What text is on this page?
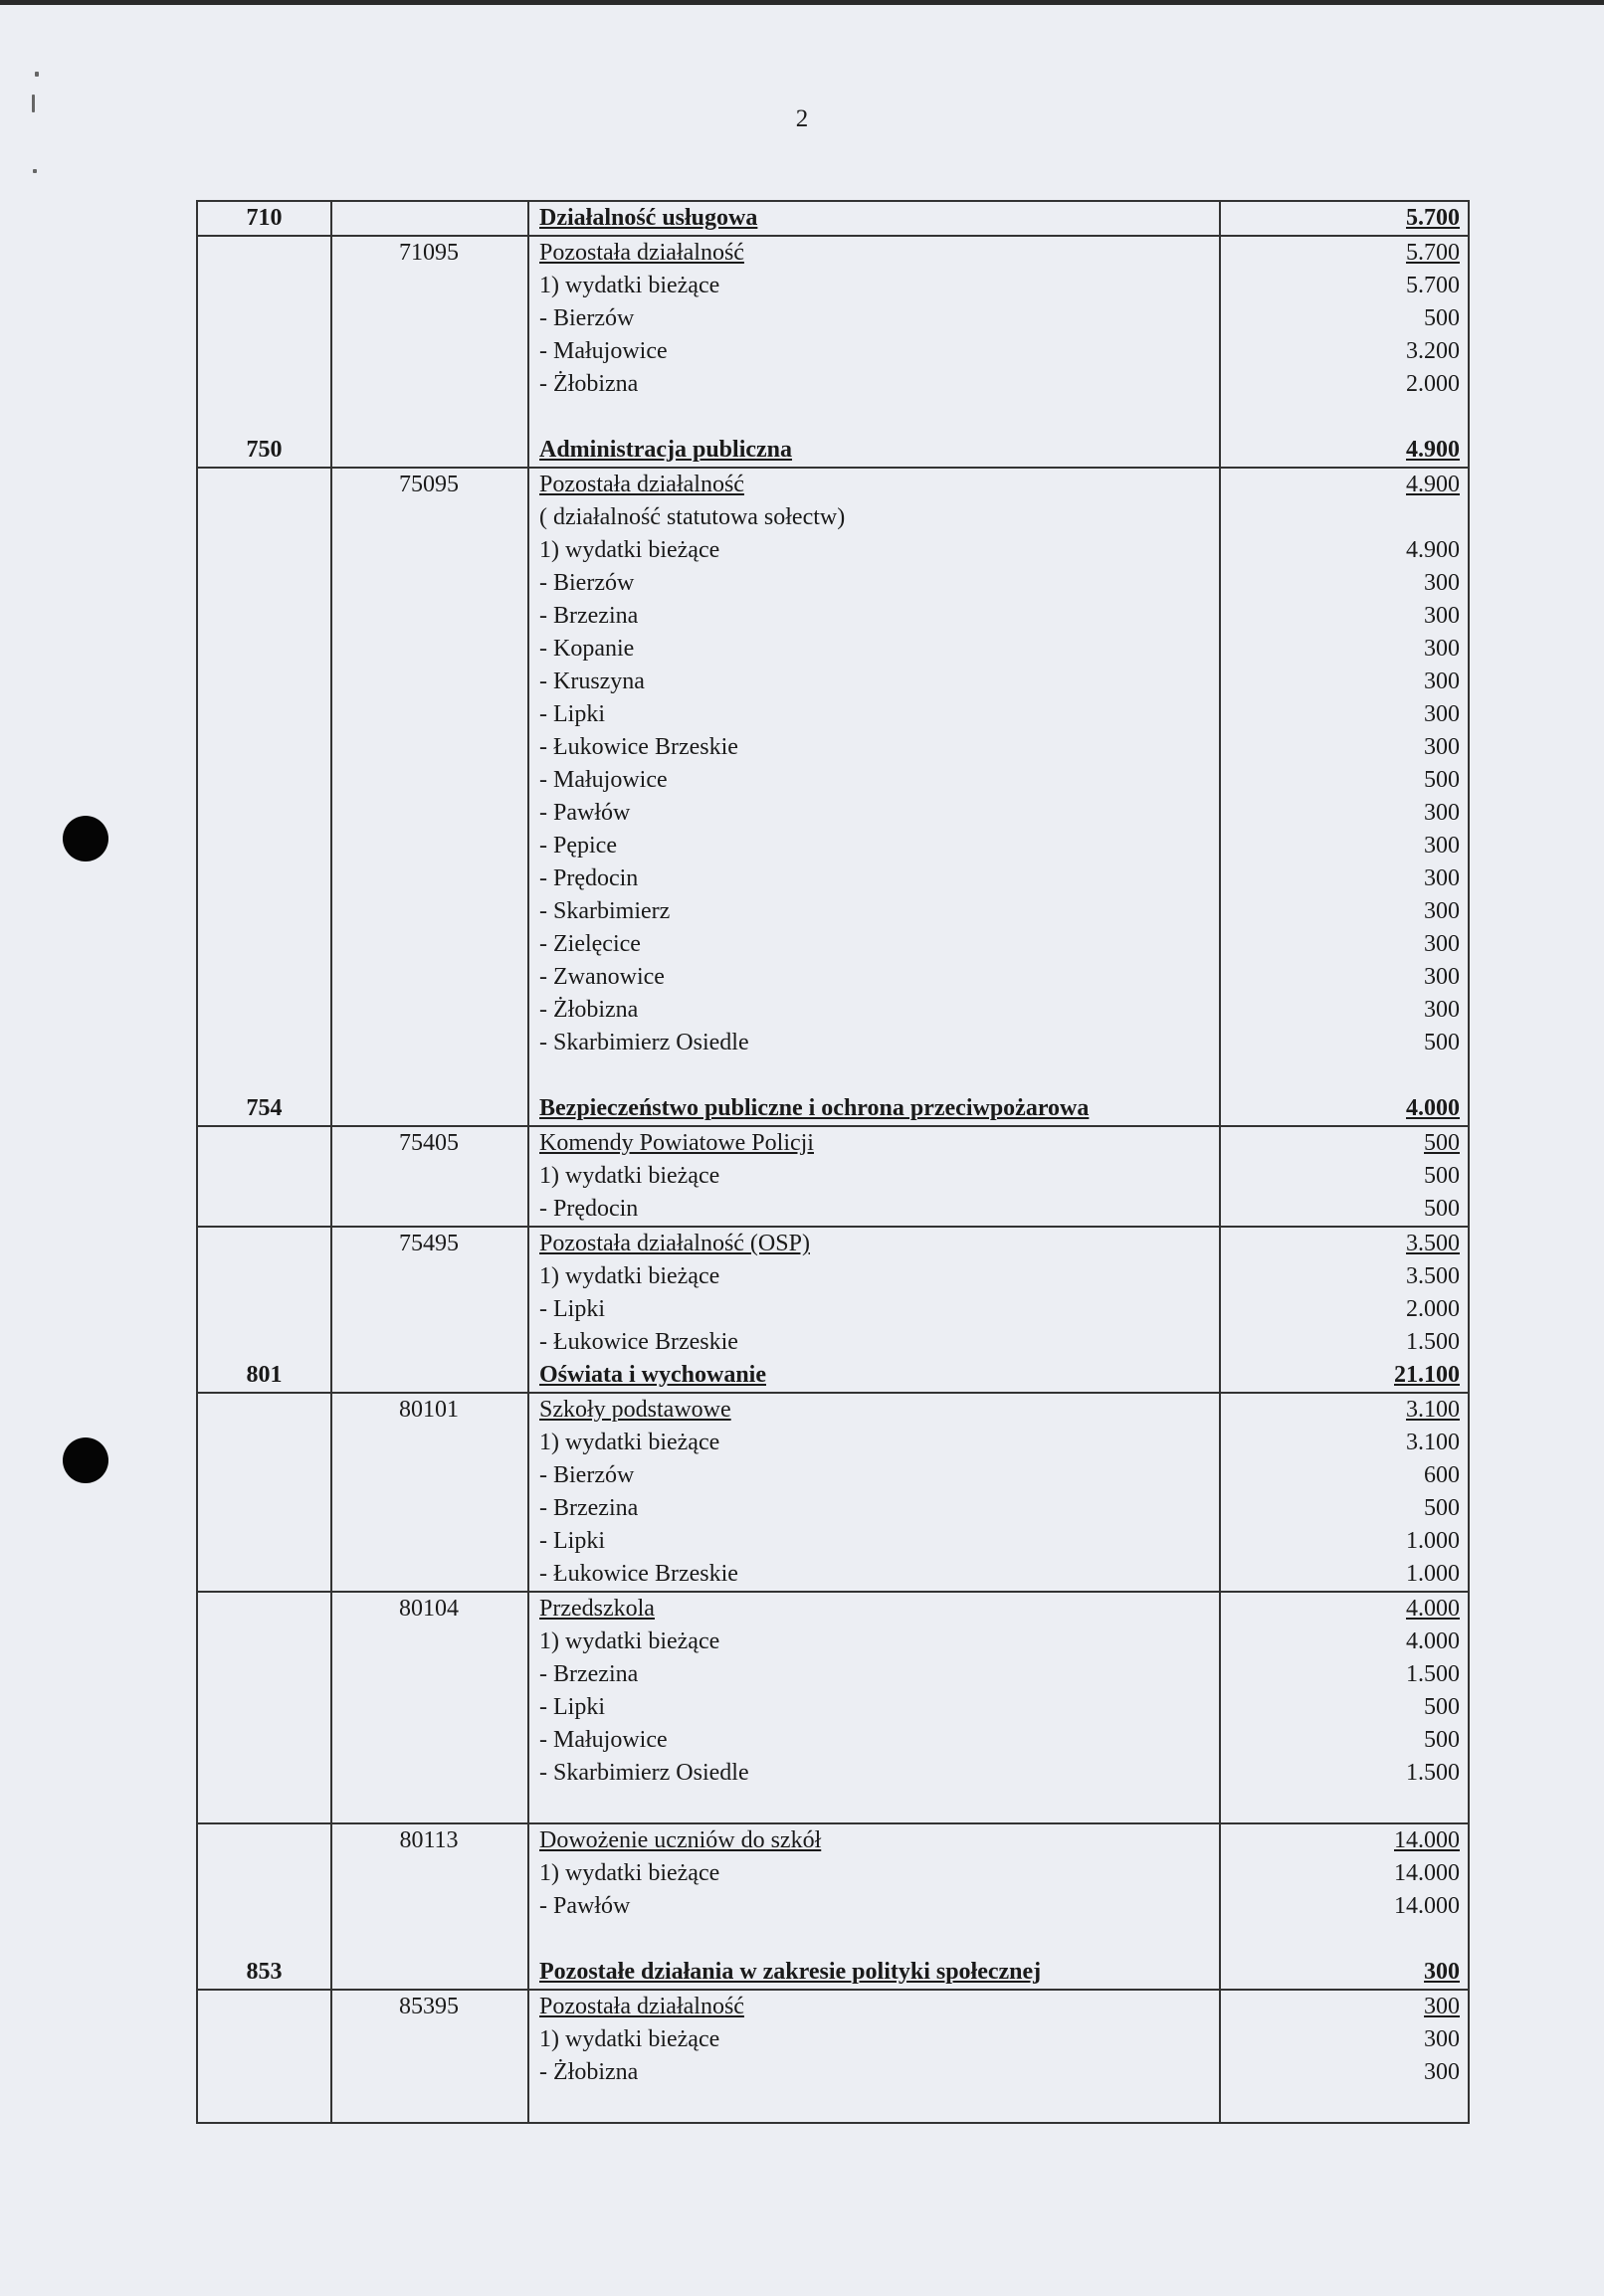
2
710	Działalność usługowa	5.700
71095	Pozostała działalność	5.700
1) wydatki bieżące	5.700
- Bierzów	500
- Małujowice	3.200
- Żłobizna	2.000
750	Administracja publiczna	4.900
75095	Pozostała działalność	4.900
( działalność statutowa sołectw)
1) wydatki bieżące	4.900
- Bierzów	300
- Brzezina	300
- Kopanie	300
- Kruszyna	300
- Lipki	300
- Łukowice Brzeskie	300
- Małujowice	500
- Pawłów	300
- Pępice	300
- Prędocin	300
- Skarbimierz	300
- Zielęcice	300
- Zwanowice	300
- Żłobizna	300
- Skarbimierz Osiedle	500
754	Bezpieczeństwo publiczne i ochrona przeciwpożarowa	4.000
75405	Komendy Powiatowe Policji	500
1) wydatki bieżące	500
- Prędocin	500
75495	Pozostała działalność (OSP)	3.500
1) wydatki bieżące	3.500
- Lipki	2.000
- Łukowice Brzeskie	1.500
801	Oświata i wychowanie	21.100
80101	Szkoły podstawowe	3.100
1) wydatki bieżące	3.100
- Bierzów	600
- Brzezina	500
- Lipki	1.000
- Łukowice Brzeskie	1.000
80104	Przedszkola	4.000
1) wydatki bieżące	4.000
- Brzezina	1.500
- Lipki	500
- Małujowice	500
- Skarbimierz Osiedle	1.500
80113	Dowożenie uczniów do szkół	14.000
1) wydatki bieżące	14.000
- Pawłów	14.000
853	Pozostałe działania w zakresie polityki społecznej	300
85395	Pozostała działalność	300
1) wydatki bieżące	300
- Żłobizna	300
